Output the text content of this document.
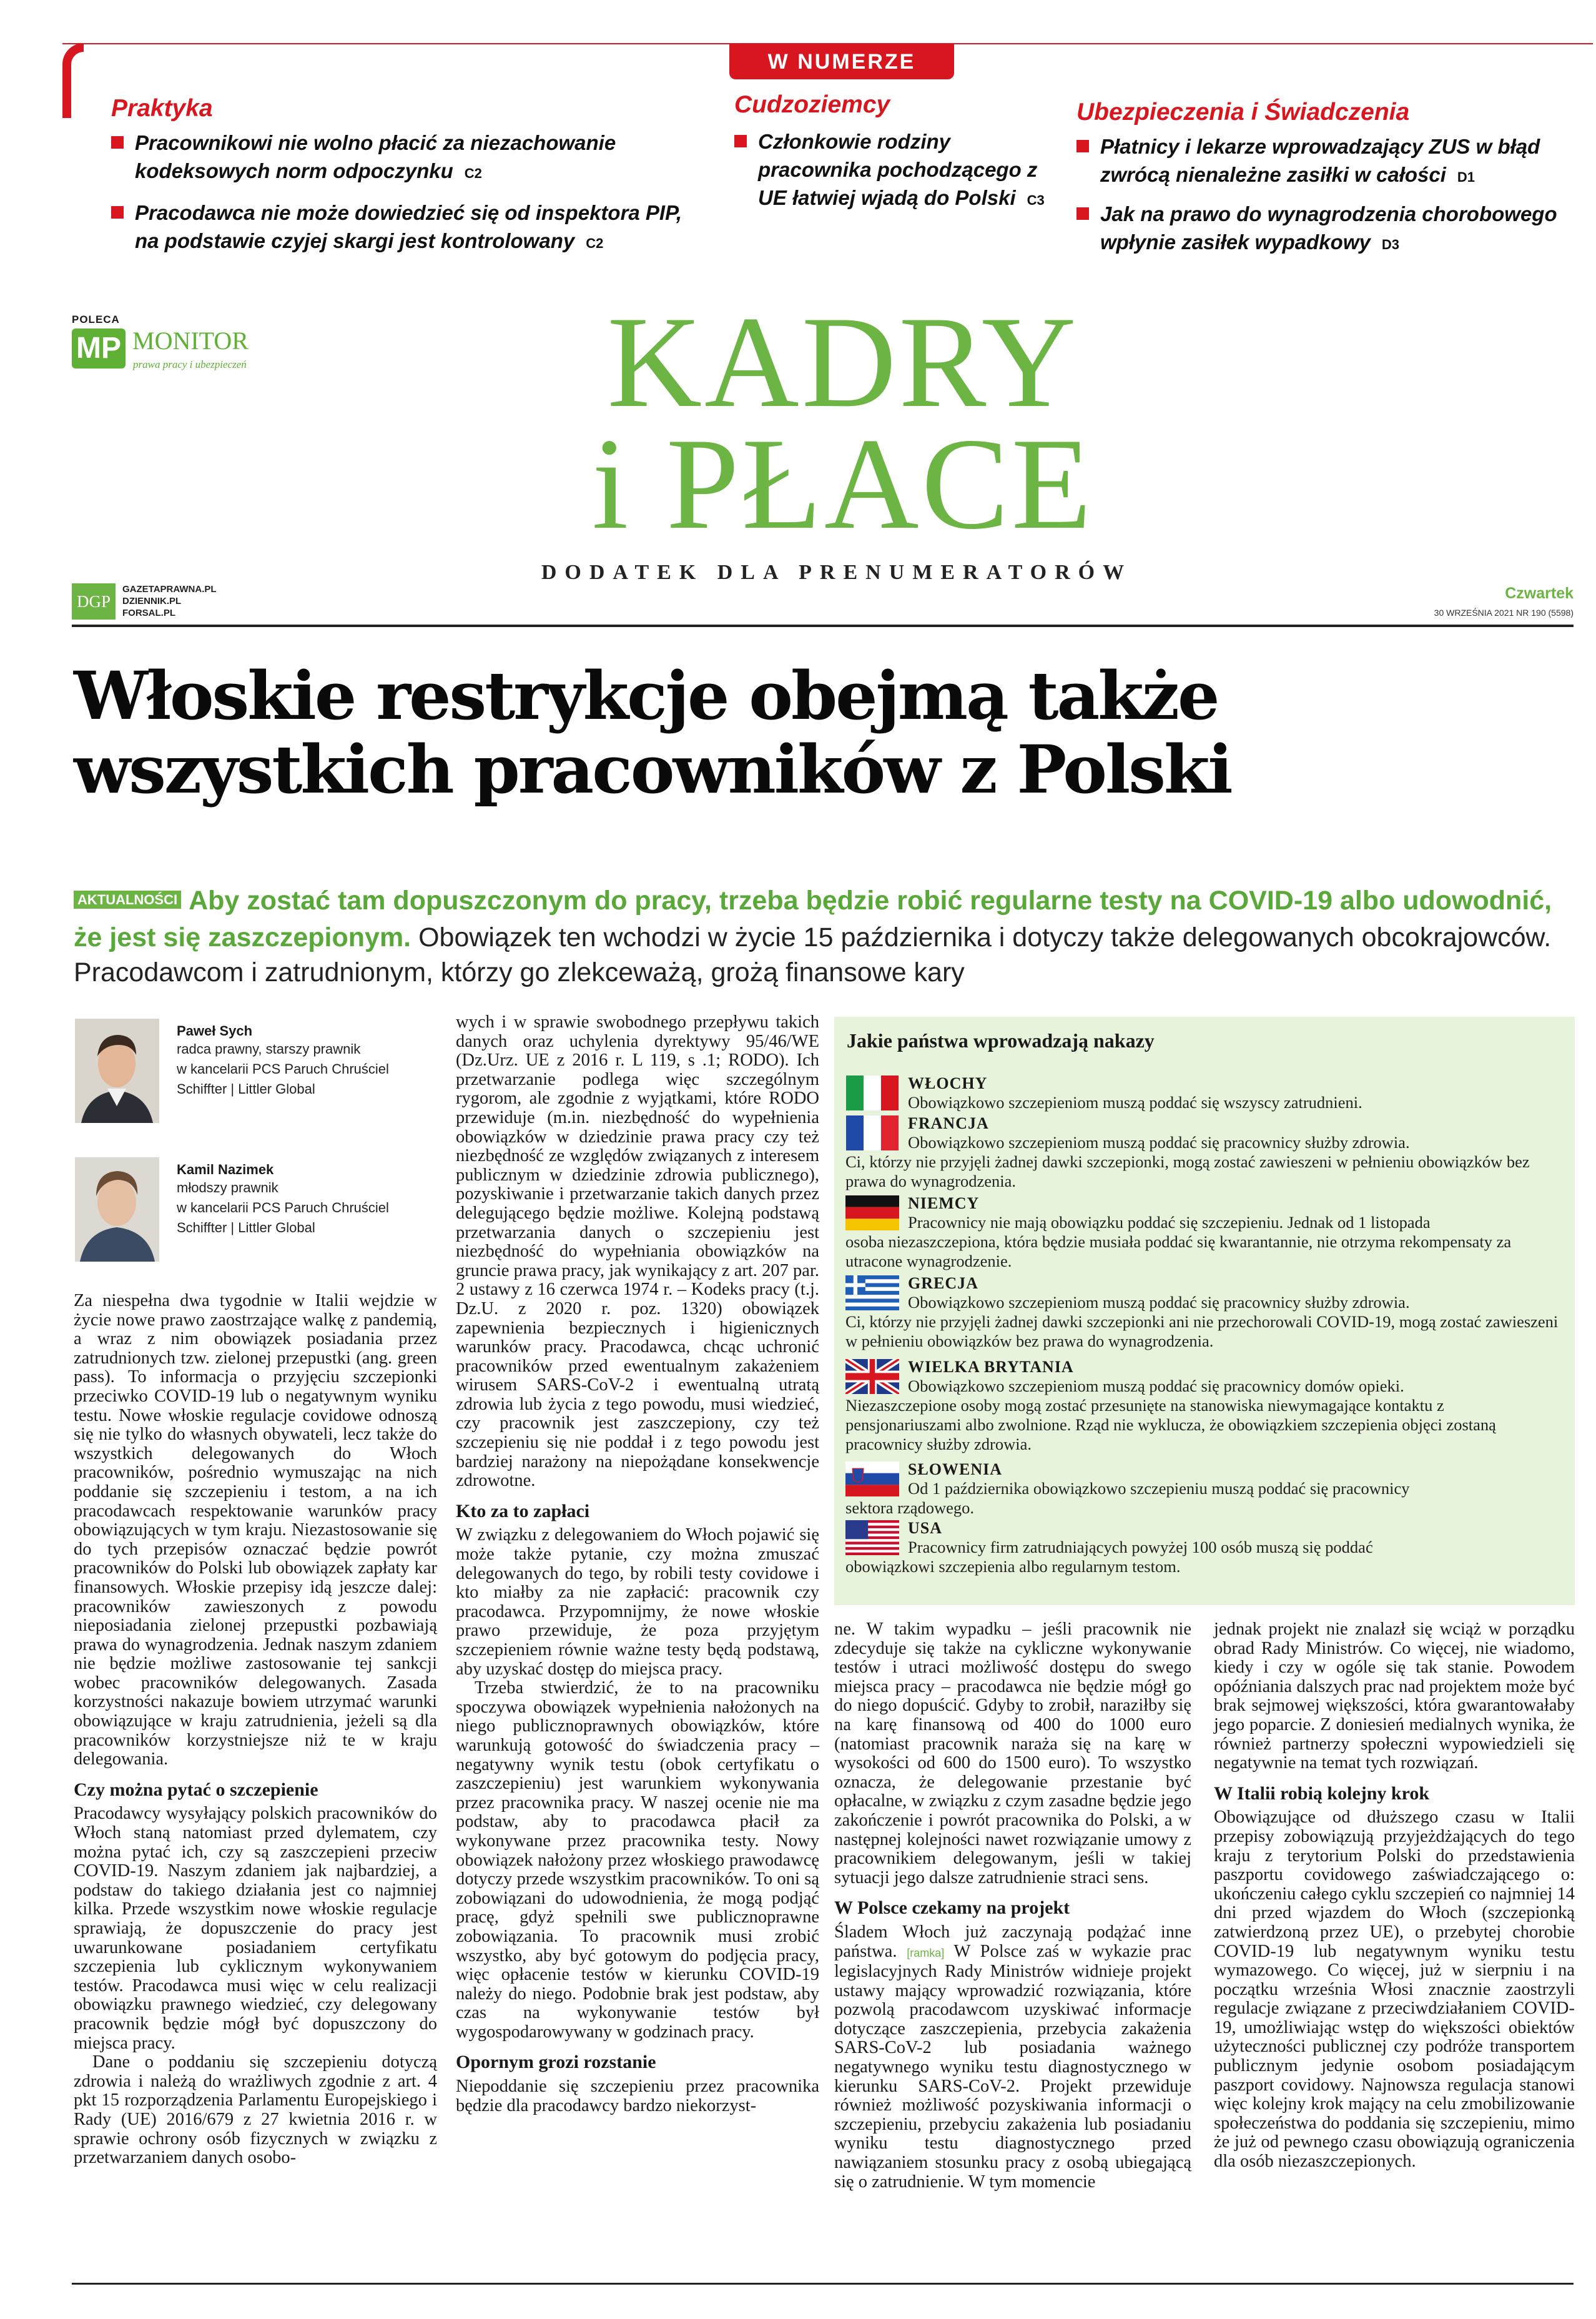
W NUMERZE
Praktyka
Pracownikowi nie wolno płacić za niezachowanie kodeksowych norm odpoczynku C2
Pracodawca nie może dowiedzieć się od inspektora PIP, na podstawie czyjej skargi jest kontrolowany C2
Cudzoziemcy
Członkowie rodziny pracownika pochodzącego z UE łatwiej wjadą do Polski C3
Ubezpieczenia i Świadczenia
Płatnicy i lekarze wprowadzający ZUS w błąd zwrócą nienależne zasiłki w całości D1
Jak na prawo do wynagrodzenia chorobowego wpłynie zasiłek wypadkowy D3
POLECA
MP MONITOR
prawa pracy i ubezpieczeń	KADRY
i PŁACE
DODATEK DLA PRENUMERATORÓW
DGP
GAZETAPRAWNA.PL
DZIENNIK.PL
FORSAL.PL
Czwartek
30 WRZEŚNIA 2021 NR 190 (5598)
Włoskie restrykcje obejmą także
wszystkich pracowników z Polski
AKTUALNOŚCI Aby zostać tam dopuszczonym do pracy, trzeba będzie robić regularne testy na COVID-19 albo udowodnić, że jest się zaszczepionym. Obowiązek ten wchodzi w życie 15 października i dotyczy także delegowanych obcokrajowców. Pracodawcom i zatrudnionym, którzy go zlekceważą, grożą finansowe kary
Paweł Sych
radca prawny, starszy prawnik
w kancelarii PCS Paruch Chruściel
Schiffter | Littler Global
Kamil Nazimek
młodszy prawnik
w kancelarii PCS Paruch Chruściel
Schiffter | Littler Global

Za niespełna dwa tygodnie w Italii wejdzie w życie nowe prawo zaostrzające walkę z pandemią, a wraz z nim obowiązek posiadania przez zatrudnionych tzw. zielonej przepustki (ang. green pass). To informacja o przyjęciu szczepionki przeciwko COVID-19 lub o negatywnym wyniku testu. Nowe włoskie regulacje covidowe odnoszą się nie tylko do własnych obywateli, lecz także do wszystkich delegowanych do Włoch pracowników, pośrednio wymuszając na nich poddanie się szczepieniu i testom, a na ich pracodawcach respektowanie warunków pracy obowiązujących w tym kraju. Niezastosowanie się do tych przepisów oznaczać będzie powrót pracowników do Polski lub obowiązek zapłaty kar finansowych. Włoskie przepisy idą jeszcze dalej: pracowników zawieszonych z powodu nieposiadania zielonej przepustki pozbawiają prawa do wynagrodzenia. Jednak naszym zdaniem nie będzie możliwe zastosowanie tej sankcji wobec pracowników delegowanych. Zasada korzystności nakazuje bowiem utrzymać warunki obowiązujące w kraju zatrudnienia, jeżeli są dla pracowników korzystniejsze niż te w kraju delegowania.

Czy można pytać o szczepienie

Pracodawcy wysyłający polskich pracowników do Włoch staną natomiast przed dylematem, czy można pytać ich, czy są zaszczepieni przeciw COVID-19. Naszym zdaniem jak najbardziej, a podstaw do takiego działania jest co najmniej kilka. Przede wszystkim nowe włoskie regulacje sprawiają, że dopuszczenie do pracy jest uwarunkowane posiadaniem certyfikatu szczepienia lub cyklicznym wykonywaniem testów. Pracodawca musi więc w celu realizacji obowiązku prawnego wiedzieć, czy delegowany pracownik będzie mógł być dopuszczony do miejsca pracy.

Dane o poddaniu się szczepieniu dotyczą zdrowia i należą do wrażliwych zgodnie z art. 4 pkt 15 rozporządzenia Parlamentu Europejskiego i Rady (UE) 2016/679 z 27 kwietnia 2016 r. w sprawie ochrony osób fizycznych w związku z przetwarzaniem danych osobo-

wych i w sprawie swobodnego przepływu takich danych oraz uchylenia dyrektywy 95/46/WE (Dz.Urz. UE z 2016 r. L 119, s .1; RODO). Ich przetwarzanie podlega więc szczególnym rygorom, ale zgodnie z wyjątkami, które RODO przewiduje (m.in. niezbędność do wypełnienia obowiązków w dziedzinie prawa pracy czy też niezbędność ze względów związanych z interesem publicznym w dziedzinie zdrowia publicznego), pozyskiwanie i przetwarzanie takich danych przez delegującego będzie możliwe. Kolejną podstawą przetwarzania danych o szczepieniu jest niezbędność do wypełniania obowiązków na gruncie prawa pracy, jak wynikający z art. 207 par. 2 ustawy z 16 czerwca 1974 r. – Kodeks pracy (t.j. Dz.U. z 2020 r. poz. 1320) obowiązek zapewnienia bezpiecznych i higienicznych warunków pracy. Pracodawca, chcąc uchronić pracowników przed ewentualnym zakażeniem wirusem SARS-CoV-2 i ewentualną utratą zdrowia lub życia z tego powodu, musi wiedzieć, czy pracownik jest zaszczepiony, czy też szczepieniu się nie poddał i z tego powodu jest bardziej narażony na niepożądane konsekwencje zdrowotne.

Kto za to zapłaci

W związku z delegowaniem do Włoch pojawić się może także pytanie, czy można zmuszać delegowanych do tego, by robili testy covidowe i kto miałby za nie zapłacić: pracownik czy pracodawca. Przypomnijmy, że nowe włoskie prawo przewiduje, że poza przyjętym szczepieniem równie ważne testy będą podstawą, aby uzyskać dostęp do miejsca pracy.

Trzeba stwierdzić, że to na pracowniku spoczywa obowiązek wypełnienia nałożonych na niego publicznoprawnych obowiązków, które warunkują gotowość do świadczenia pracy – negatywny wynik testu (obok certyfikatu o zaszczepieniu) jest warunkiem wykonywania przez pracownika pracy. W naszej ocenie nie ma podstaw, aby to pracodawca płacił za wykonywane przez pracownika testy. Nowy obowiązek nałożony przez włoskiego prawodawcę dotyczy przede wszystkim pracowników. To oni są zobowiązani do udowodnienia, że mogą podjąć pracę, gdyż spełnili swe publicznoprawne zobowiązania. To pracownik musi zrobić wszystko, aby być gotowym do podjęcia pracy, więc opłacenie testów w kierunku COVID-19 należy do niego. Podobnie brak jest podstaw, aby czas na wykonywanie testów był wygospodarowywany w godzinach pracy.

Opornym grozi rozstanie

Niepoddanie się szczepieniu przez pracownika będzie dla pracodawcy bardzo niekorzyst-

Jakie państwa wprowadzają nakazy
WŁOCHY
Obowiązkowo szczepieniom muszą poddać się wszyscy zatrudnieni.
FRANCJA
Obowiązkowo szczepieniom muszą poddać się pracownicy służby zdrowia.
Ci, którzy nie przyjęli żadnej dawki szczepionki, mogą zostać zawieszeni w pełnieniu obowiązków bez prawa do wynagrodzenia.
NIEMCY
Pracownicy nie mają obowiązku poddać się szczepieniu. Jednak od 1 listopada
osoba niezaszczepiona, która będzie musiała poddać się kwarantannie, nie otrzyma rekompensaty za utracone wynagrodzenie.
GRECJA
Obowiązkowo szczepieniom muszą poddać się pracownicy służby zdrowia.
Ci, którzy nie przyjęli żadnej dawki szczepionki ani nie przechorowali COVID-19, mogą zostać zawieszeni w pełnieniu obowiązków bez prawa do wynagrodzenia.
WIELKA BRYTANIA
Obowiązkowo szczepieniom muszą poddać się pracownicy domów opieki.
Niezaszczepione osoby mogą zostać przesunięte na stanowiska niewymagające kontaktu z pensjonariuszami albo zwolnione. Rząd nie wyklucza, że obowiązkiem szczepienia objęci zostaną pracownicy służby zdrowia.
SŁOWENIA
Od 1 października obowiązkowo szczepieniu muszą poddać się pracownicy
sektora rządowego.
USA
Pracownicy firm zatrudniających powyżej 100 osób muszą się poddać
obowiązkowi szczepienia albo regularnym testom.

ne. W takim wypadku – jeśli pracownik nie zdecyduje się także na cykliczne wykonywanie testów i utraci możliwość dostępu do swego miejsca pracy – pracodawca nie będzie mógł go do niego dopuścić. Gdyby to zrobił, naraziłby się na karę finansową od 400 do 1000 euro (natomiast pracownik naraża się na karę w wysokości od 600 do 1500 euro). To wszystko oznacza, że delegowanie przestanie być opłacalne, w związku z czym zasadne będzie jego zakończenie i powrót pracownika do Polski, a w następnej kolejności nawet rozwiązanie umowy z pracownikiem delegowanym, jeśli w takiej sytuacji jego dalsze zatrudnienie straci sens.

W Polsce czekamy na projekt

Śladem Włoch już zaczynają podążać inne państwa. [ramka] W Polsce zaś w wykazie prac legislacyjnych Rady Ministrów widnieje projekt ustawy mający wprowadzić rozwiązania, które pozwolą pracodawcom uzyskiwać informacje dotyczące zaszczepienia, przebycia zakażenia SARS-CoV-2 lub posiadania ważnego negatywnego wyniku testu diagnostycznego w kierunku SARS-CoV-2. Projekt przewiduje również możliwość pozyskiwania informacji o szczepieniu, przebyciu zakażenia lub posiadaniu wyniku testu diagnostycznego przed nawiązaniem stosunku pracy z osobą ubiegającą się o zatrudnienie. W tym momencie

jednak projekt nie znalazł się wciąż w porządku obrad Rady Ministrów. Co więcej, nie wiadomo, kiedy i czy w ogóle się tak stanie. Powodem opóźniania dalszych prac nad projektem może być brak sejmowej większości, która gwarantowałaby jego poparcie. Z doniesień medialnych wynika, że również partnerzy społeczni wypowiedzieli się negatywnie na temat tych rozwiązań.

W Italii robią kolejny krok

Obowiązujące od dłuższego czasu w Italii przepisy zobowiązują przyjeżdżających do tego kraju z terytorium Polski do przedstawienia paszportu covidowego zaświadczającego o: ukończeniu całego cyklu szczepień co najmniej 14 dni przed wjazdem do Włoch (szczepionką zatwierdzoną przez UE), o przebytej chorobie COVID-19 lub negatywnym wyniku testu wymazowego. Co więcej, już w sierpniu i na początku września Włosi znacznie zaostrzyli regulacje związane z przeciwdziałaniem COVID-19, umożliwiając wstęp do większości obiektów użyteczności publicznej czy podróże transportem publicznym jedynie osobom posiadającym paszport covidowy. Najnowsza regulacja stanowi więc kolejny krok mający na celu zmobilizowanie społeczeństwa do poddania się szczepieniu, mimo że już od pewnego czasu obowiązują ograniczenia dla osób niezaszczepionych.
